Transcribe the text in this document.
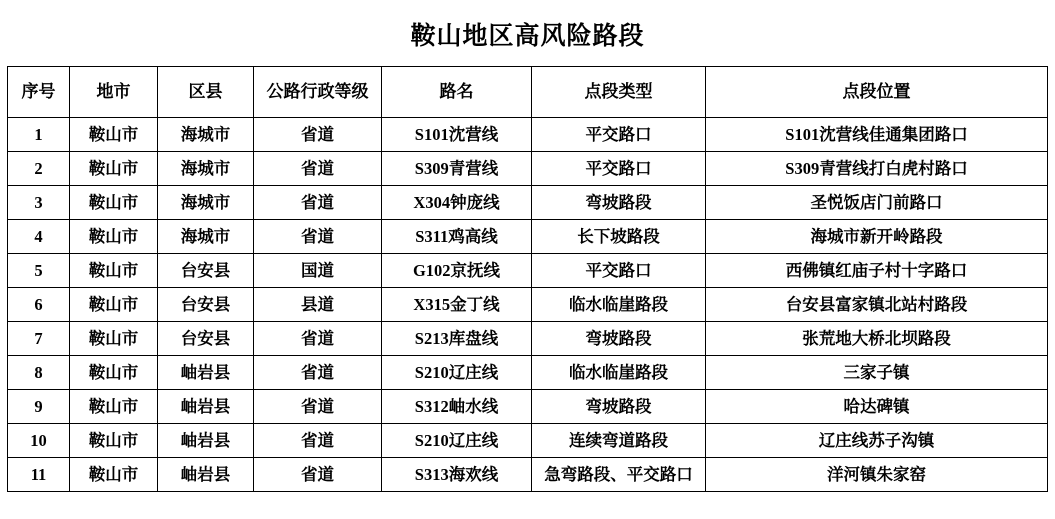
鞍山地区高风险路段
序号	地市	区县	公路行政等级	路名	点段类型	点段位置
1	鞍山市	海城市	省道	S101沈营线	平交路口	S101沈营线佳通集团路口
2	鞍山市	海城市	省道	S309青营线	平交路口	S309青营线打白虎村路口
3	鞍山市	海城市	省道	X304钟庞线	弯坡路段	圣悦饭店门前路口
4	鞍山市	海城市	省道	S311鸡高线	长下坡路段	海城市新开岭路段
5	鞍山市	台安县	国道	G102京抚线	平交路口	西佛镇红庙子村十字路口
6	鞍山市	台安县	县道	X315金丁线	临水临崖路段	台安县富家镇北站村路段
7	鞍山市	台安县	省道	S213库盘线	弯坡路段	张荒地大桥北坝路段
8	鞍山市	岫岩县	省道	S210辽庄线	临水临崖路段	三家子镇
9	鞍山市	岫岩县	省道	S312岫水线	弯坡路段	哈达碑镇
10	鞍山市	岫岩县	省道	S210辽庄线	连续弯道路段	辽庄线苏子沟镇
11	鞍山市	岫岩县	省道	S313海欢线	急弯路段、平交路口	洋河镇朱家窑
